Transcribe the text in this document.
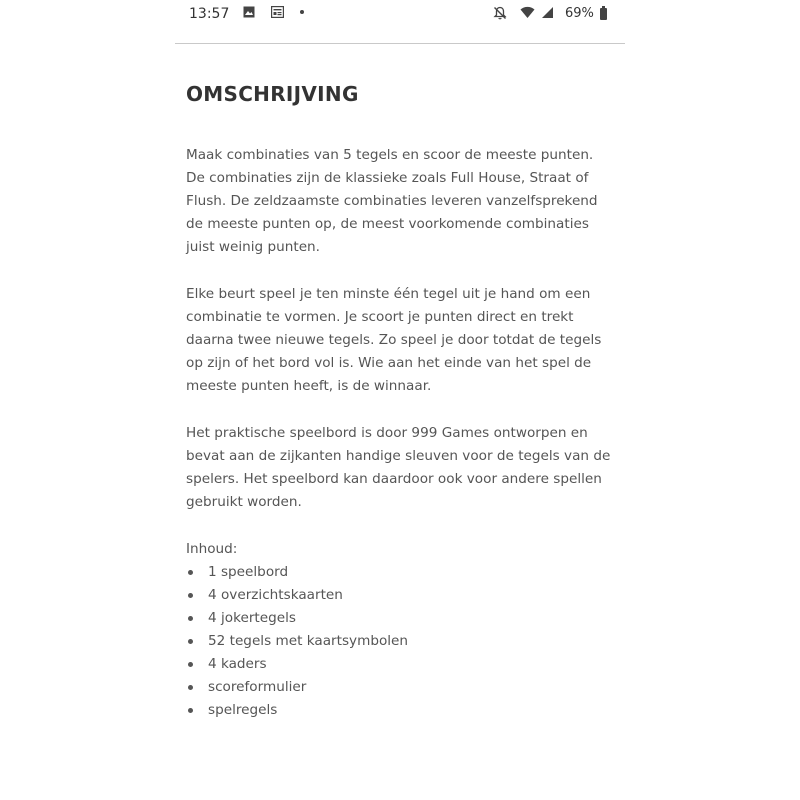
13:57	69%
OMSCHRIJVING

Maak combinaties van 5 tegels en scoor de meeste punten. De combinaties zijn de klassieke zoals Full House, Straat of Flush. De zeldzaamste combinaties leveren vanzelfsprekend de meeste punten op, de meest voorkomende combinaties juist weinig punten.

Elke beurt speel je ten minste één tegel uit je hand om een combinatie te vormen. Je scoort je punten direct en trekt daarna twee nieuwe tegels. Zo speel je door totdat de tegels op zijn of het bord vol is. Wie aan het einde van het spel de meeste punten heeft, is de winnaar.

Het praktische speelbord is door 999 Games ontworpen en bevat aan de zijkanten handige sleuven voor de tegels van de spelers. Het speelbord kan daardoor ook voor andere spellen gebruikt worden.

Inhoud:

1 speelbord
4 overzichtskaarten
4 jokertegels
52 tegels met kaartsymbolen
4 kaders
scoreformulier
spelregels
